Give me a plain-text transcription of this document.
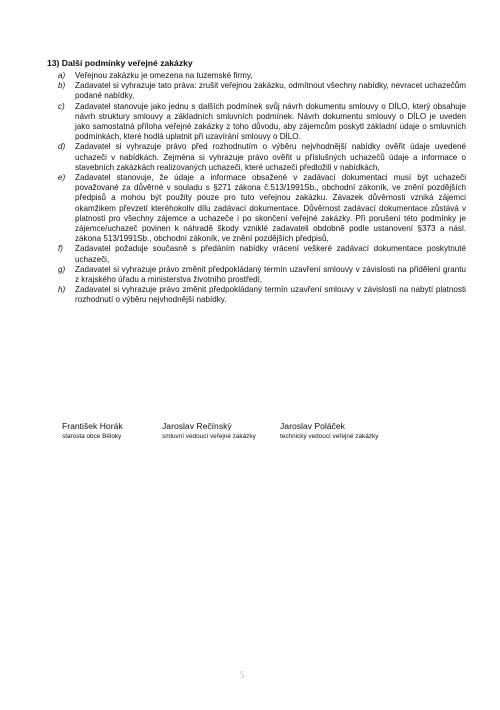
13) Další podmínky veřejné zakázky
a)	Veřejnou zakázku je omezena na tuzemské firmy,
b)	Zadavatel si vyhrazuje tato práva: zrušit veřejnou zakázku, odmítnout všechny nabídky, nevracet uchazečům podané nabídky,
c)	Zadavatel stanovuje jako jednu s dalších podmínek svůj návrh dokumentu smlouvy o DÍLO, který obsahuje návrh struktury smlouvy a základních smluvních podmínek. Návrh dokumentu smlouvy o DÍLO je uveden jako samostatná příloha veřejné zakázky z toho důvodu, aby zájemcům poskytl základní údaje o smluvních podmínkách, které hodlá uplatnit při uzavírání smlouvy o DÍLO.
d)	Zadavatel si vyhrazuje právo před rozhodnutím o výběru nejvhodnější nabídky ověřit údaje uvedené uchazeči v nabídkách. Zejména si vyhrazuje právo ověřit u příslušných uchazečů údaje a informace o stavebních zakázkách realizovaných uchazeči, které uchazeči předložili v nabídkách,
e)	Zadavatel stanovuje, že údaje a informace obsažené v zadávací dokumentaci musí být uchazeči považované za důvěrné v souladu s §271 zákona č.513/1991Sb., obchodní zákoník, ve znění pozdějších předpisů a mohou být použity pouze pro tuto veřejnou zakázku. Závazek důvěrnosti vzniká zájemci okamžikem převzetí kteréhokoliv dílu zadávací dokumentace. Důvěrnost zadávací dokumentace zůstává v platnosti pro všechny zájemce a uchazeče i po skončení veřejné zakázky. Při porušení této podmínky je zájemce/uchazeč povinen k náhradě škody vzniklé zadavateli obdobně podle ustanovení §373 a násl. zákona 513/1991Sb., obchodní zákoník, ve znění pozdějších předpisů,
f)	Zadavatel požaduje současně s předáním nabídky vrácení veškeré zadávací dokumentace poskytnuté uchazeči,
g)	Zadavatel si vyhrazuje právo změnit předpokládaný termín uzavření smlouvy v závislosti na přidělení grantu z krajského úřadu a ministerstva životního prostředí,
h)	Zadavatel si vyhrazuje právo změnit předpokládaný termín uzavření smlouvy v závislosti na nabytí platnosti rozhodnutí o výběru nejvhodnější nabídky.
František Horák
starosta obce Běloky
Jaroslav Rečínský
smluvní vedoucí veřejné zakázky
Jaroslav Poláček
technický vedoucí veřejné zakázky
5
